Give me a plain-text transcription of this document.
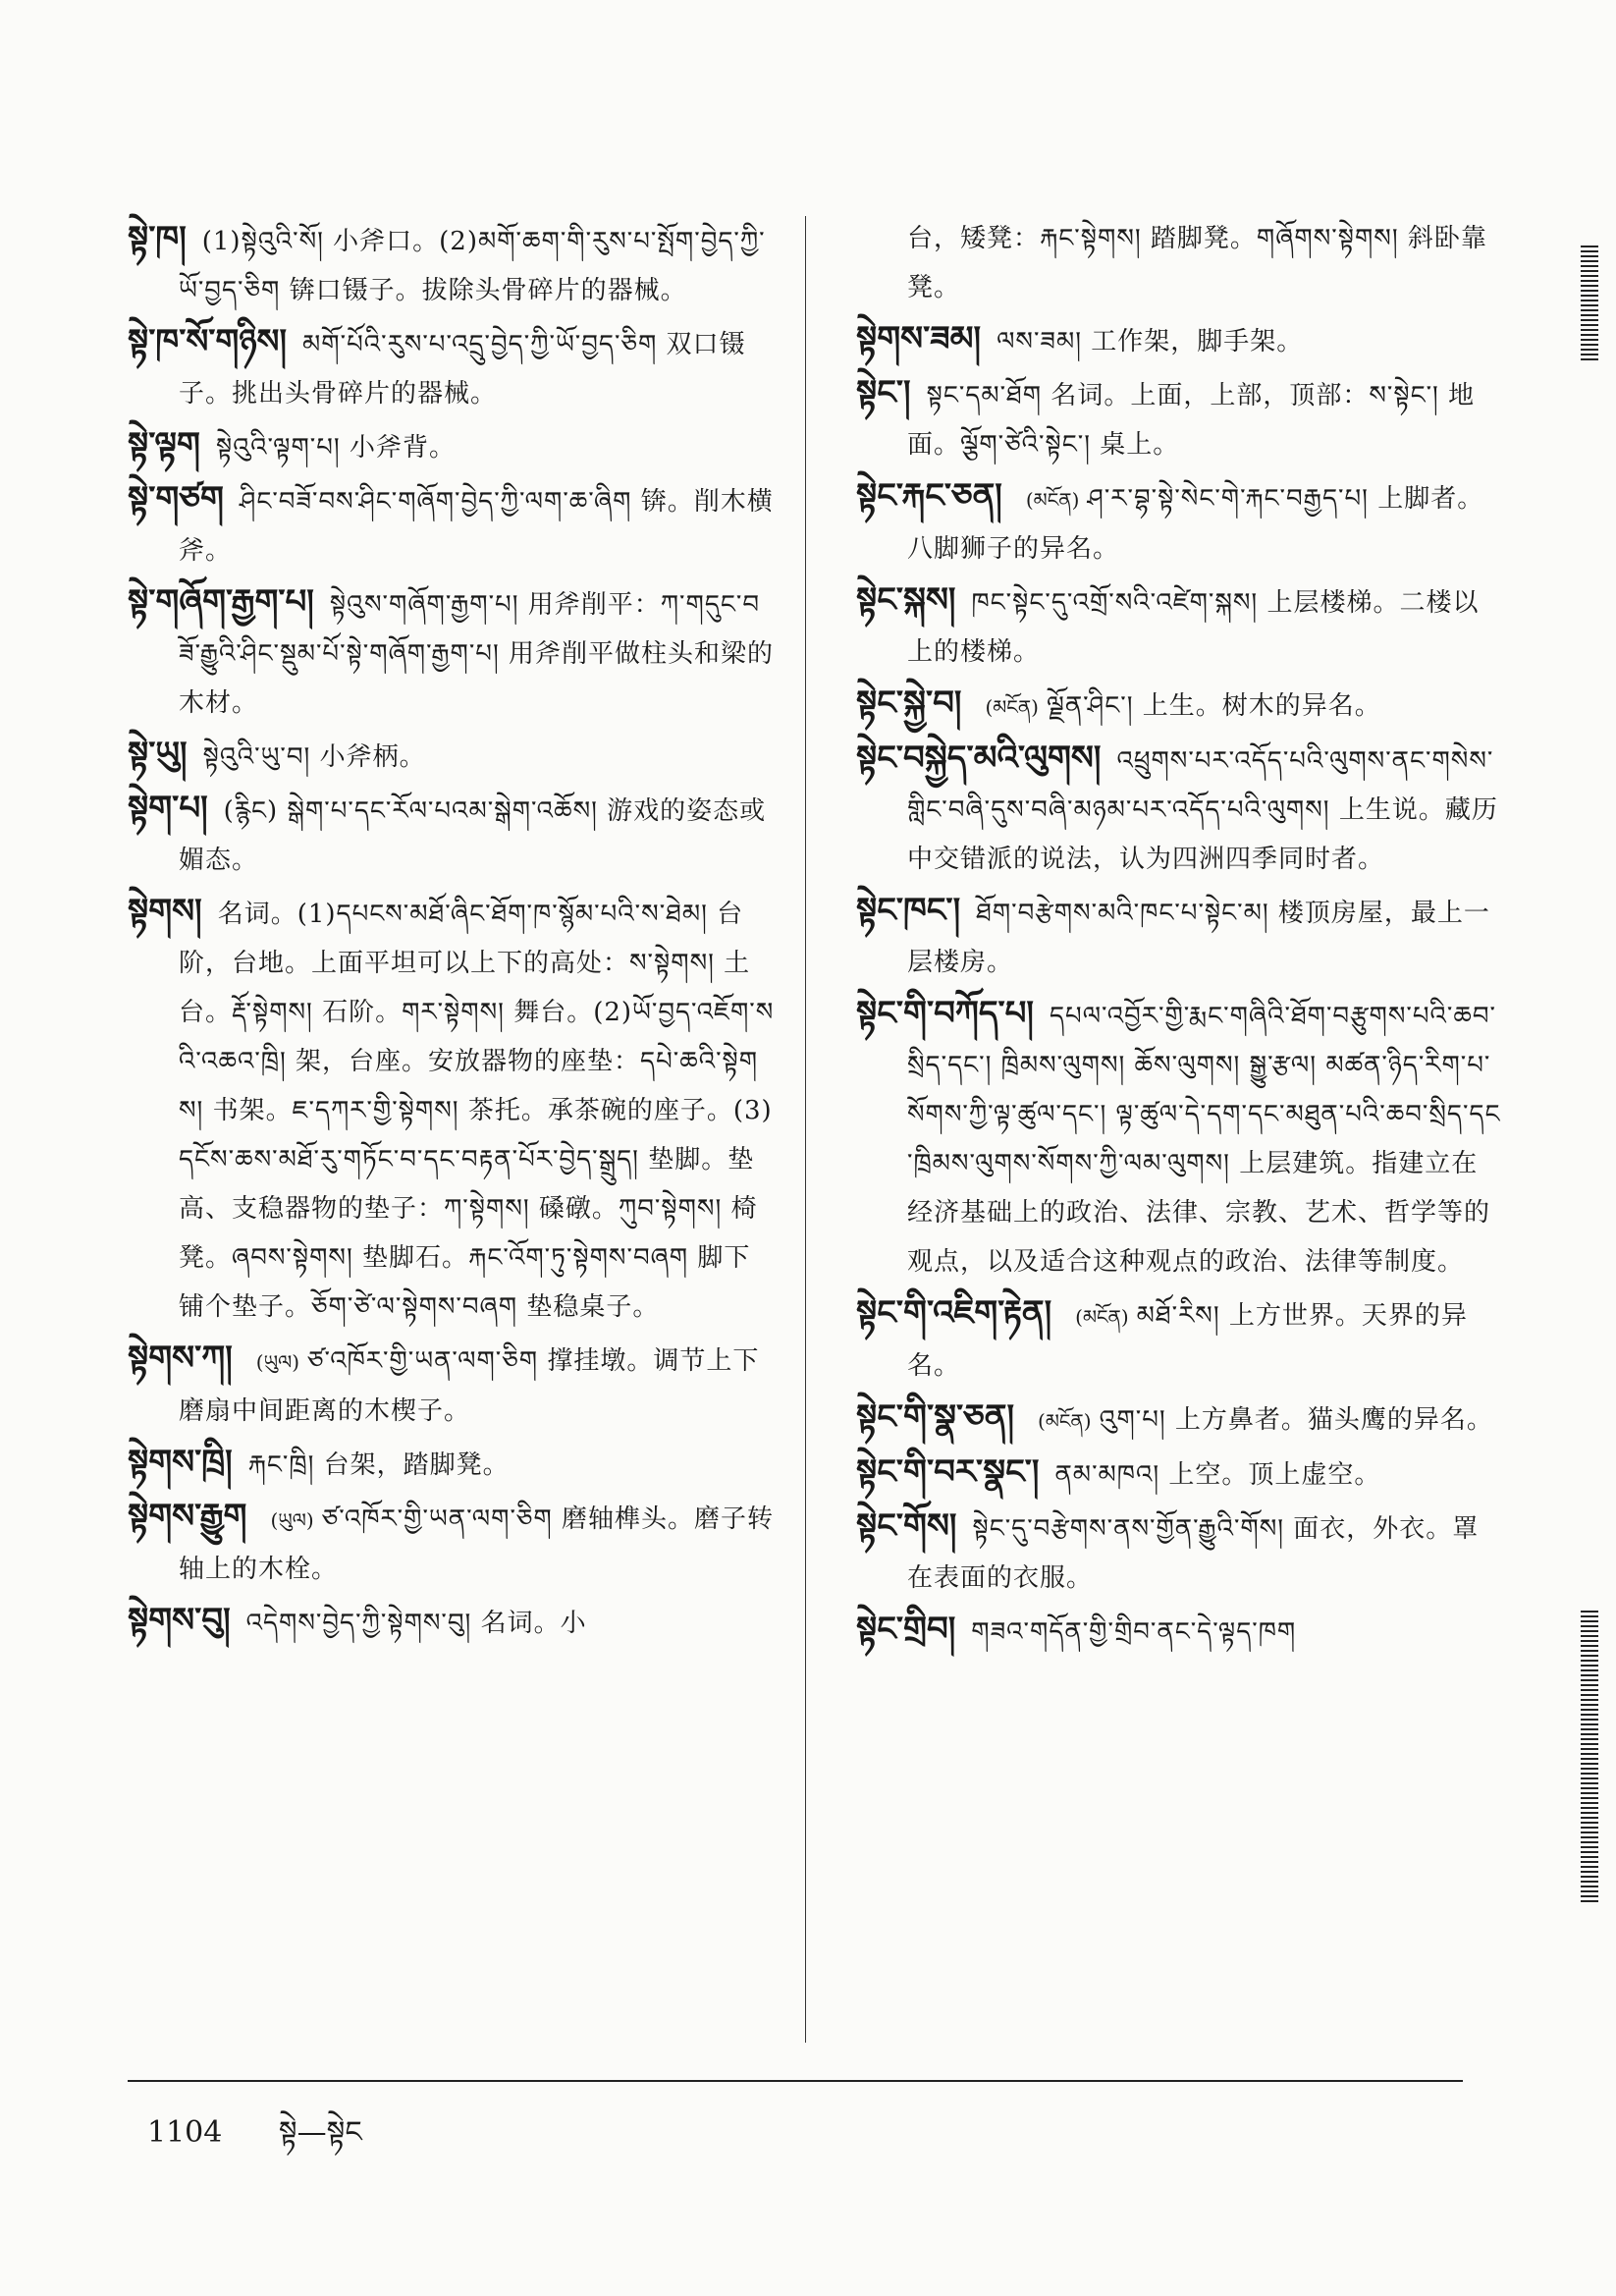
སྟེ་ཁ། (1)སྟེའུའི་སོ། 小斧口。(2)མགོ་ཆག་གི་རུས་པ་སྤོག་བྱེད་ཀྱི་ཡོ་བྱད་ཅིག 锛口镊子。拔除头骨碎片的器械。
སྟེ་ཁ་སོ་གཉིས། མགོ་པོའི་རུས་པ་འདྲུ་བྱེད་ཀྱི་ཡོ་བྱད་ཅིག 双口镊子。挑出头骨碎片的器械。
སྟེ་ལྟག སྟེའུའི་ལྟག་པ། 小斧背。
སྟེ་གཙག ཤིང་བཟོ་བས་ཤིང་གཞོག་བྱེད་ཀྱི་ལག་ཆ་ཞིག 锛。削木横斧。
སྟེ་གཞོག་རྒྱག་པ། སྟེའུས་གཞོག་རྒྱག་པ། 用斧削平：ཀ་གདུང་བཟོ་རྒྱུའི་ཤིང་སྡུམ་པོ་སྟེ་གཞོག་རྒྱག་པ། 用斧削平做柱头和梁的木材。
སྟེ་ཡུ། སྟེའུའི་ཡུ་བ། 小斧柄。
སྟེག་པ། (རྙིང) སྒེག་པ་དང་རོལ་པའམ་སྒེག་འཆོས། 游戏的姿态或媚态。
སྟེགས། 名词。(1)དཔངས་མཐོ་ཞིང་ཐོག་ཁ་སྙོམ་པའི་ས་ཐེམ། 台阶，台地。上面平坦可以上下的高处：ས་སྟེགས། 土台。རྡོ་སྟེགས། 石阶。གར་སྟེགས། 舞台。(2)ཡོ་བྱད་འཇོག་སའི་འཆའ་ཁྲི། 架，台座。安放器物的座垫：དཔེ་ཆའི་སྟེགས། 书架。ཇ་དཀར་གྱི་སྟེགས། 茶托。承茶碗的座子。(3)དངོས་ཆས་མཐོ་རུ་གཏོང་བ་དང་བརྟན་པོར་བྱེད་སྒྲུད། 垫脚。垫高、支稳器物的垫子：ཀ་སྟེགས། 磉礅。ཀུབ་སྟེགས། 椅凳。ཞབས་སྟེགས། 垫脚石。རྐང་འོག་ཏུ་སྟེགས་བཞག 脚下铺个垫子。ཅོག་ཙེ་ལ་སྟེགས་བཞག 垫稳桌子。
སྟེགས་ཀ། (ཡུལ) ཙ་འཁོར་གྱི་ཡན་ལག་ཅིག 撑挂墩。调节上下磨扇中间距离的木楔子。
སྟེགས་ཁྲི། རྐང་ཁྲི། 台架，踏脚凳。
སྟེགས་རྒྱུག (ཡུལ) ཙ་འཁོར་གྱི་ཡན་ལག་ཅིག 磨轴榫头。磨子转轴上的木栓。
སྟེགས་བུ། འདེགས་བྱེད་ཀྱི་སྟེགས་བུ། 名词。小
台，矮凳：རྐང་སྟེགས། 踏脚凳。གཞོགས་སྟེགས། 斜卧靠凳。
སྟེགས་ཟམ། ལས་ཟམ། 工作架，脚手架。
སྟེང་། སྟང་དམ་ཐོག 名词。上面，上部，顶部：ས་སྟེང་། 地面。ལྕོག་ཙེའི་སྟེང་། 桌上。
སྟེང་རྐང་ཅན། (མངོན) ཤ་ར་བྷ་སྟེ་སེང་གེ་རྐང་བརྒྱད་པ། 上脚者。八脚狮子的异名。
སྟེང་སྐས། ཁང་སྟེང་དུ་འགྲོ་སའི་འཛེག་སྐས། 上层楼梯。二楼以上的楼梯。
སྟེང་སྐྱེ་བ། (མངོན) ལྗོན་ཤིང་། 上生。树木的异名。
སྟེང་བསྐྱེད་མའི་ལུགས། འཕྲུགས་པར་འདོད་པའི་ལུགས་ནང་གསེས་གླིང་བཞི་དུས་བཞི་མཉམ་པར་འདོད་པའི་ལུགས། 上生说。藏历中交错派的说法，认为四洲四季同时者。
སྟེང་ཁང་། ཐོག་བརྩེགས་མའི་ཁང་པ་སྟེང་མ། 楼顶房屋，最上一层楼房。
སྟེང་གི་བཀོད་པ། དཔལ་འབྱོར་གྱི་རྨང་གཞིའི་ཐོག་བརྩུགས་པའི་ཆབ་སྲིད་དང་། ཁྲིམས་ལུགས། ཆོས་ལུགས། སྒྱུ་རྩལ། མཚན་ཉིད་རིག་པ་སོགས་ཀྱི་ལྟ་ཚུལ་དང་། ལྟ་ཚུལ་དེ་དག་དང་མཐུན་པའི་ཆབ་སྲིད་དང་ཁྲིམས་ལུགས་སོགས་ཀྱི་ལམ་ལུགས། 上层建筑。指建立在经济基础上的政治、法律、宗教、艺术、哲学等的观点，以及适合这种观点的政治、法律等制度。
སྟེང་གི་འཇིག་རྟེན། (མངོན) མཐོ་རིས། 上方世界。天界的异名。
སྟེང་གི་སྣ་ཅན། (མངོན) འུག་པ། 上方鼻者。猫头鹰的异名。
སྟེང་གི་བར་སྣང་། ནམ་མཁའ། 上空。顶上虚空。
སྟེང་གོས། སྟེང་དུ་བརྩེགས་ནས་གྱོན་རྒྱུའི་གོས། 面衣，外衣。罩在表面的衣服。
སྟེང་གྲིབ། གཟའ་གདོན་གྱི་གྲིབ་ནང་དེ་ལྟད་ཁག
1104 སྟེ—སྟེང
